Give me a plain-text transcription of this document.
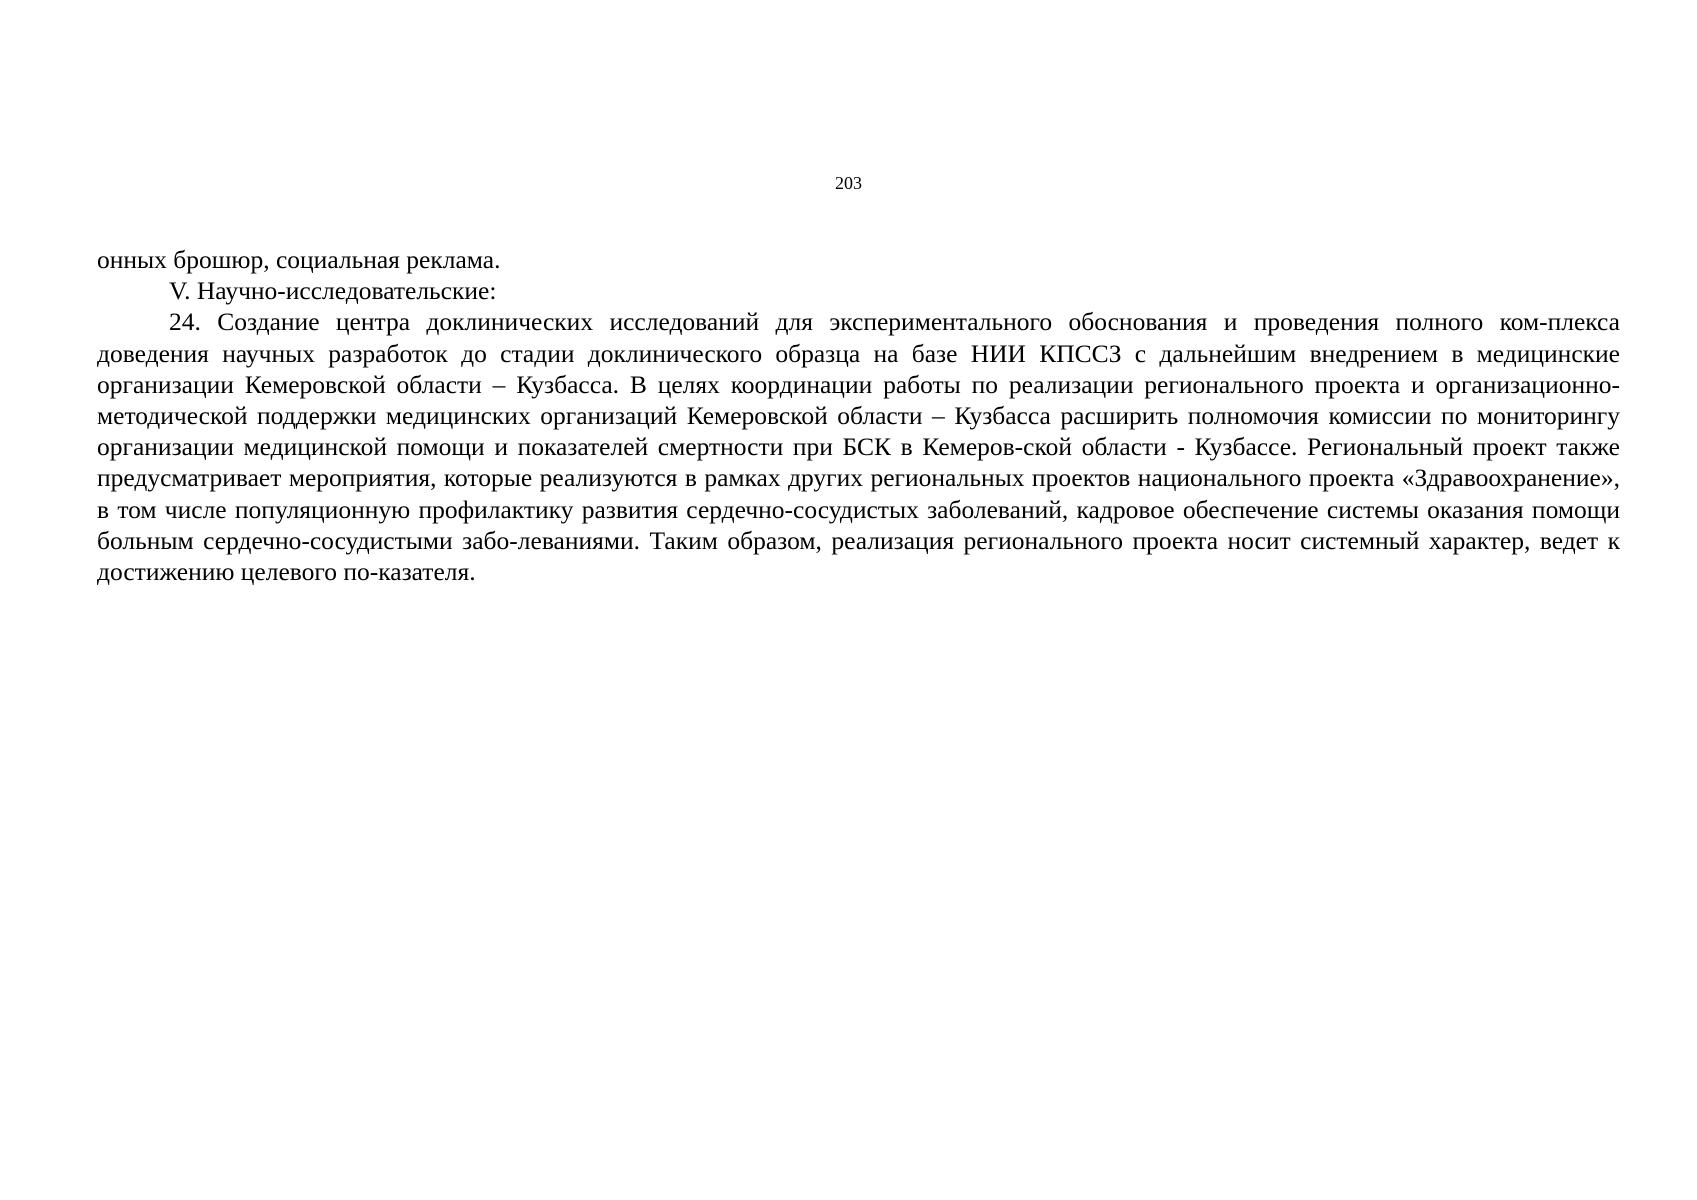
203

онных брошюр, социальная реклама.

V. Научно-исследовательские:

24. Создание центра доклинических исследований для экспериментального обоснования и проведения полного ком-плекса доведения научных разработок до стадии доклинического образца на базе НИИ КПССЗ с дальнейшим внедрением в медицинские организации Кемеровской области – Кузбасса. В целях координации работы по реализации регионального проекта и организационно-методической поддержки медицинских организаций Кемеровской области – Кузбасса расширить полномочия комиссии по мониторингу организации медицинской помощи и показателей смертности при БСК в Кемеров-ской области - Кузбассе. Региональный проект также предусматривает мероприятия, которые реализуются в рамках других региональных проектов национального проекта «Здравоохранение», в том числе популяционную профилактику развития сердечно-сосудистых заболеваний, кадровое обеспечение системы оказания помощи больным сердечно-сосудистыми забо-леваниями. Таким образом, реализация регионального проекта носит системный характер, ведет к достижению целевого по-казателя.
